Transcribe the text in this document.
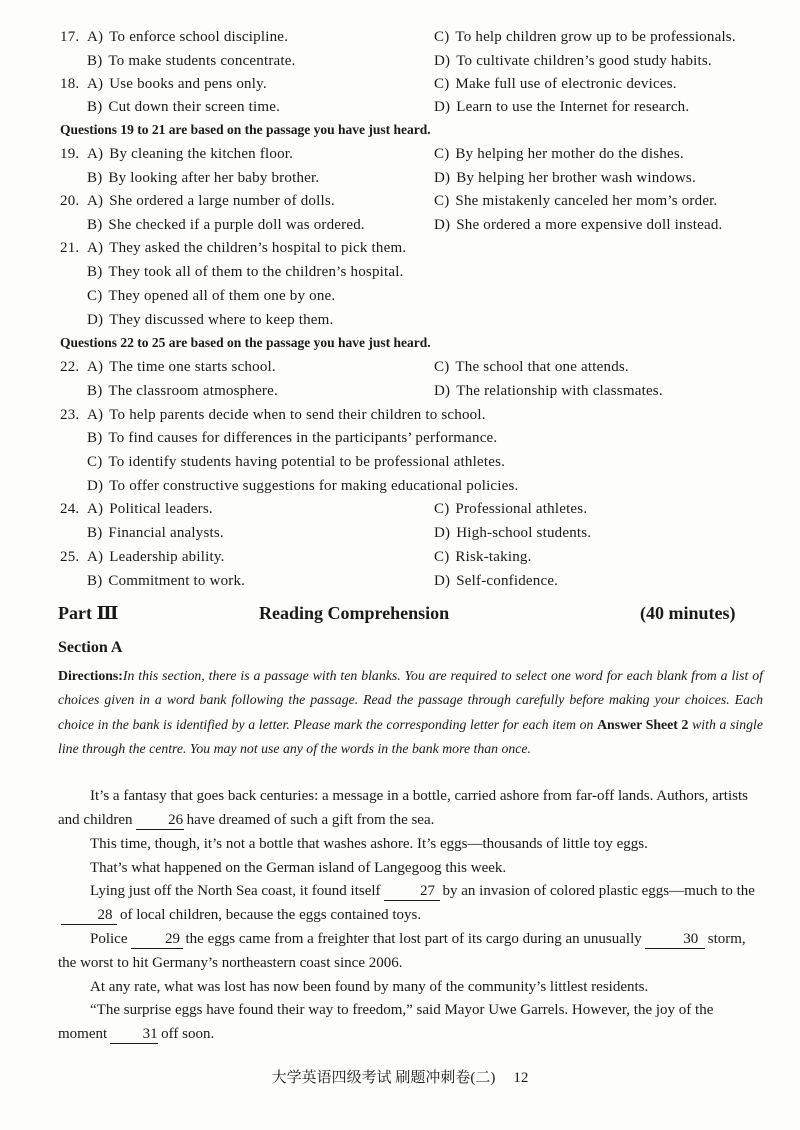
17. A) To enforce school discipline.	C) To help children grow up to be professionals.
B) To make students concentrate.	D) To cultivate children’s good study habits.
18. A) Use books and pens only.	C) Make full use of electronic devices.
B) Cut down their screen time.	D) Learn to use the Internet for research.
Questions 19 to 21 are based on the passage you have just heard.
19. A) By cleaning the kitchen floor.	C) By helping her mother do the dishes.
B) By looking after her baby brother.	D) By helping her brother wash windows.
20. A) She ordered a large number of dolls.	C) She mistakenly canceled her mom’s order.
B) She checked if a purple doll was ordered.	D) She ordered a more expensive doll instead.
21. A) They asked the children’s hospital to pick them.
B) They took all of them to the children’s hospital.
C) They opened all of them one by one.
D) They discussed where to keep them.
Questions 22 to 25 are based on the passage you have just heard.
22. A) The time one starts school.	C) The school that one attends.
B) The classroom atmosphere.	D) The relationship with classmates.
23. A) To help parents decide when to send their children to school.
B) To find causes for differences in the participants’ performance.
C) To identify students having potential to be professional athletes.
D) To offer constructive suggestions for making educational policies.
24. A) Political leaders.	C) Professional athletes.
B) Financial analysts.	D) High-school students.
25. A) Leadership ability.	C) Risk-taking.
B) Commitment to work.	D) Self-confidence.
Part Ⅲ	Reading Comprehension	(40 minutes)
Section A
Directions:In this section, there is a passage with ten blanks. You are required to select one word for each blank from a list of choices given in a word bank following the passage. Read the passage through carefully before making your choices. Each choice in the bank is identified by a letter. Please mark the corresponding letter for each item on Answer Sheet 2 with a single line through the centre. You may not use any of the words in the bank more than once.
It’s a fantasy that goes back centuries: a message in a bottle, carried ashore from far-off lands. Authors, artists and children 26 have dreamed of such a gift from the sea.
This time, though, it’s not a bottle that washes ashore. It’s eggs—thousands of little toy eggs.
That’s what happened on the German island of Langegoog this week.
Lying just off the North Sea coast, it found itself	27 by an invasion of colored plastic eggs—much to the28 of local children, because the eggs contained toys.
Police	29 the eggs came from a freighter that lost part of its cargo during an unusually	30 storm, the worst to hit Germany’s northeastern coast since 2006.
At any rate, what was lost has now been found by many of the community’s littlest residents.
“The surprise eggs have found their way to freedom,” said Mayor Uwe Garrels. However, the joy of the moment 31 off soon.
大学英语四级考试 刷题冲刺卷(二) 12
